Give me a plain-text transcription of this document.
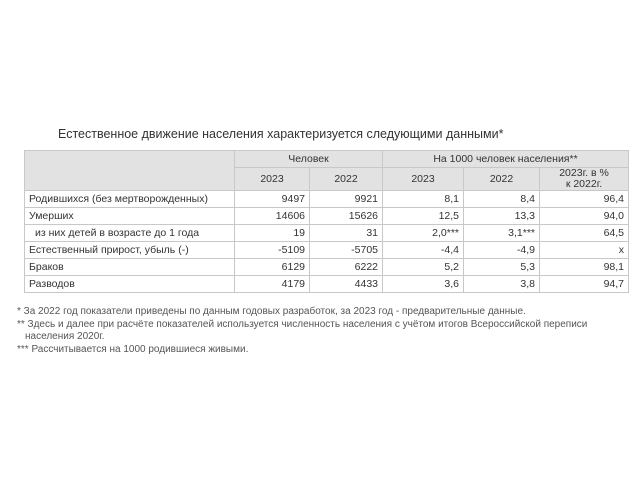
Естественное движение населения характеризуется следующими данными*
	Человек		На 1000 человек населения**		
	2023	2022	2023	2022	2023г. в %
к 2022г.
Родившихся (без мертворожденных)	9497	9921	8,1	8,4	96,4
Умерших	14606	15626	12,5	13,3	94,0
из них детей в возрасте до 1 года	19	31	2,0***	3,1***	64,5
Естественный прирост, убыль (-)	-5109	-5705	-4,4	-4,9	х
Браков	6129	6222	5,2	5,3	98,1
Разводов	4179	4433	3,6	3,8	94,7

* За 2022 год показатели приведены по данным годовых разработок, за 2023 год - предварительные данные.

** Здесь и далее при расчёте показателей используется численность населения с учётом итогов Всероссийской переписи

населения 2020г.

*** Рассчитывается на 1000 родившиеся живыми.
